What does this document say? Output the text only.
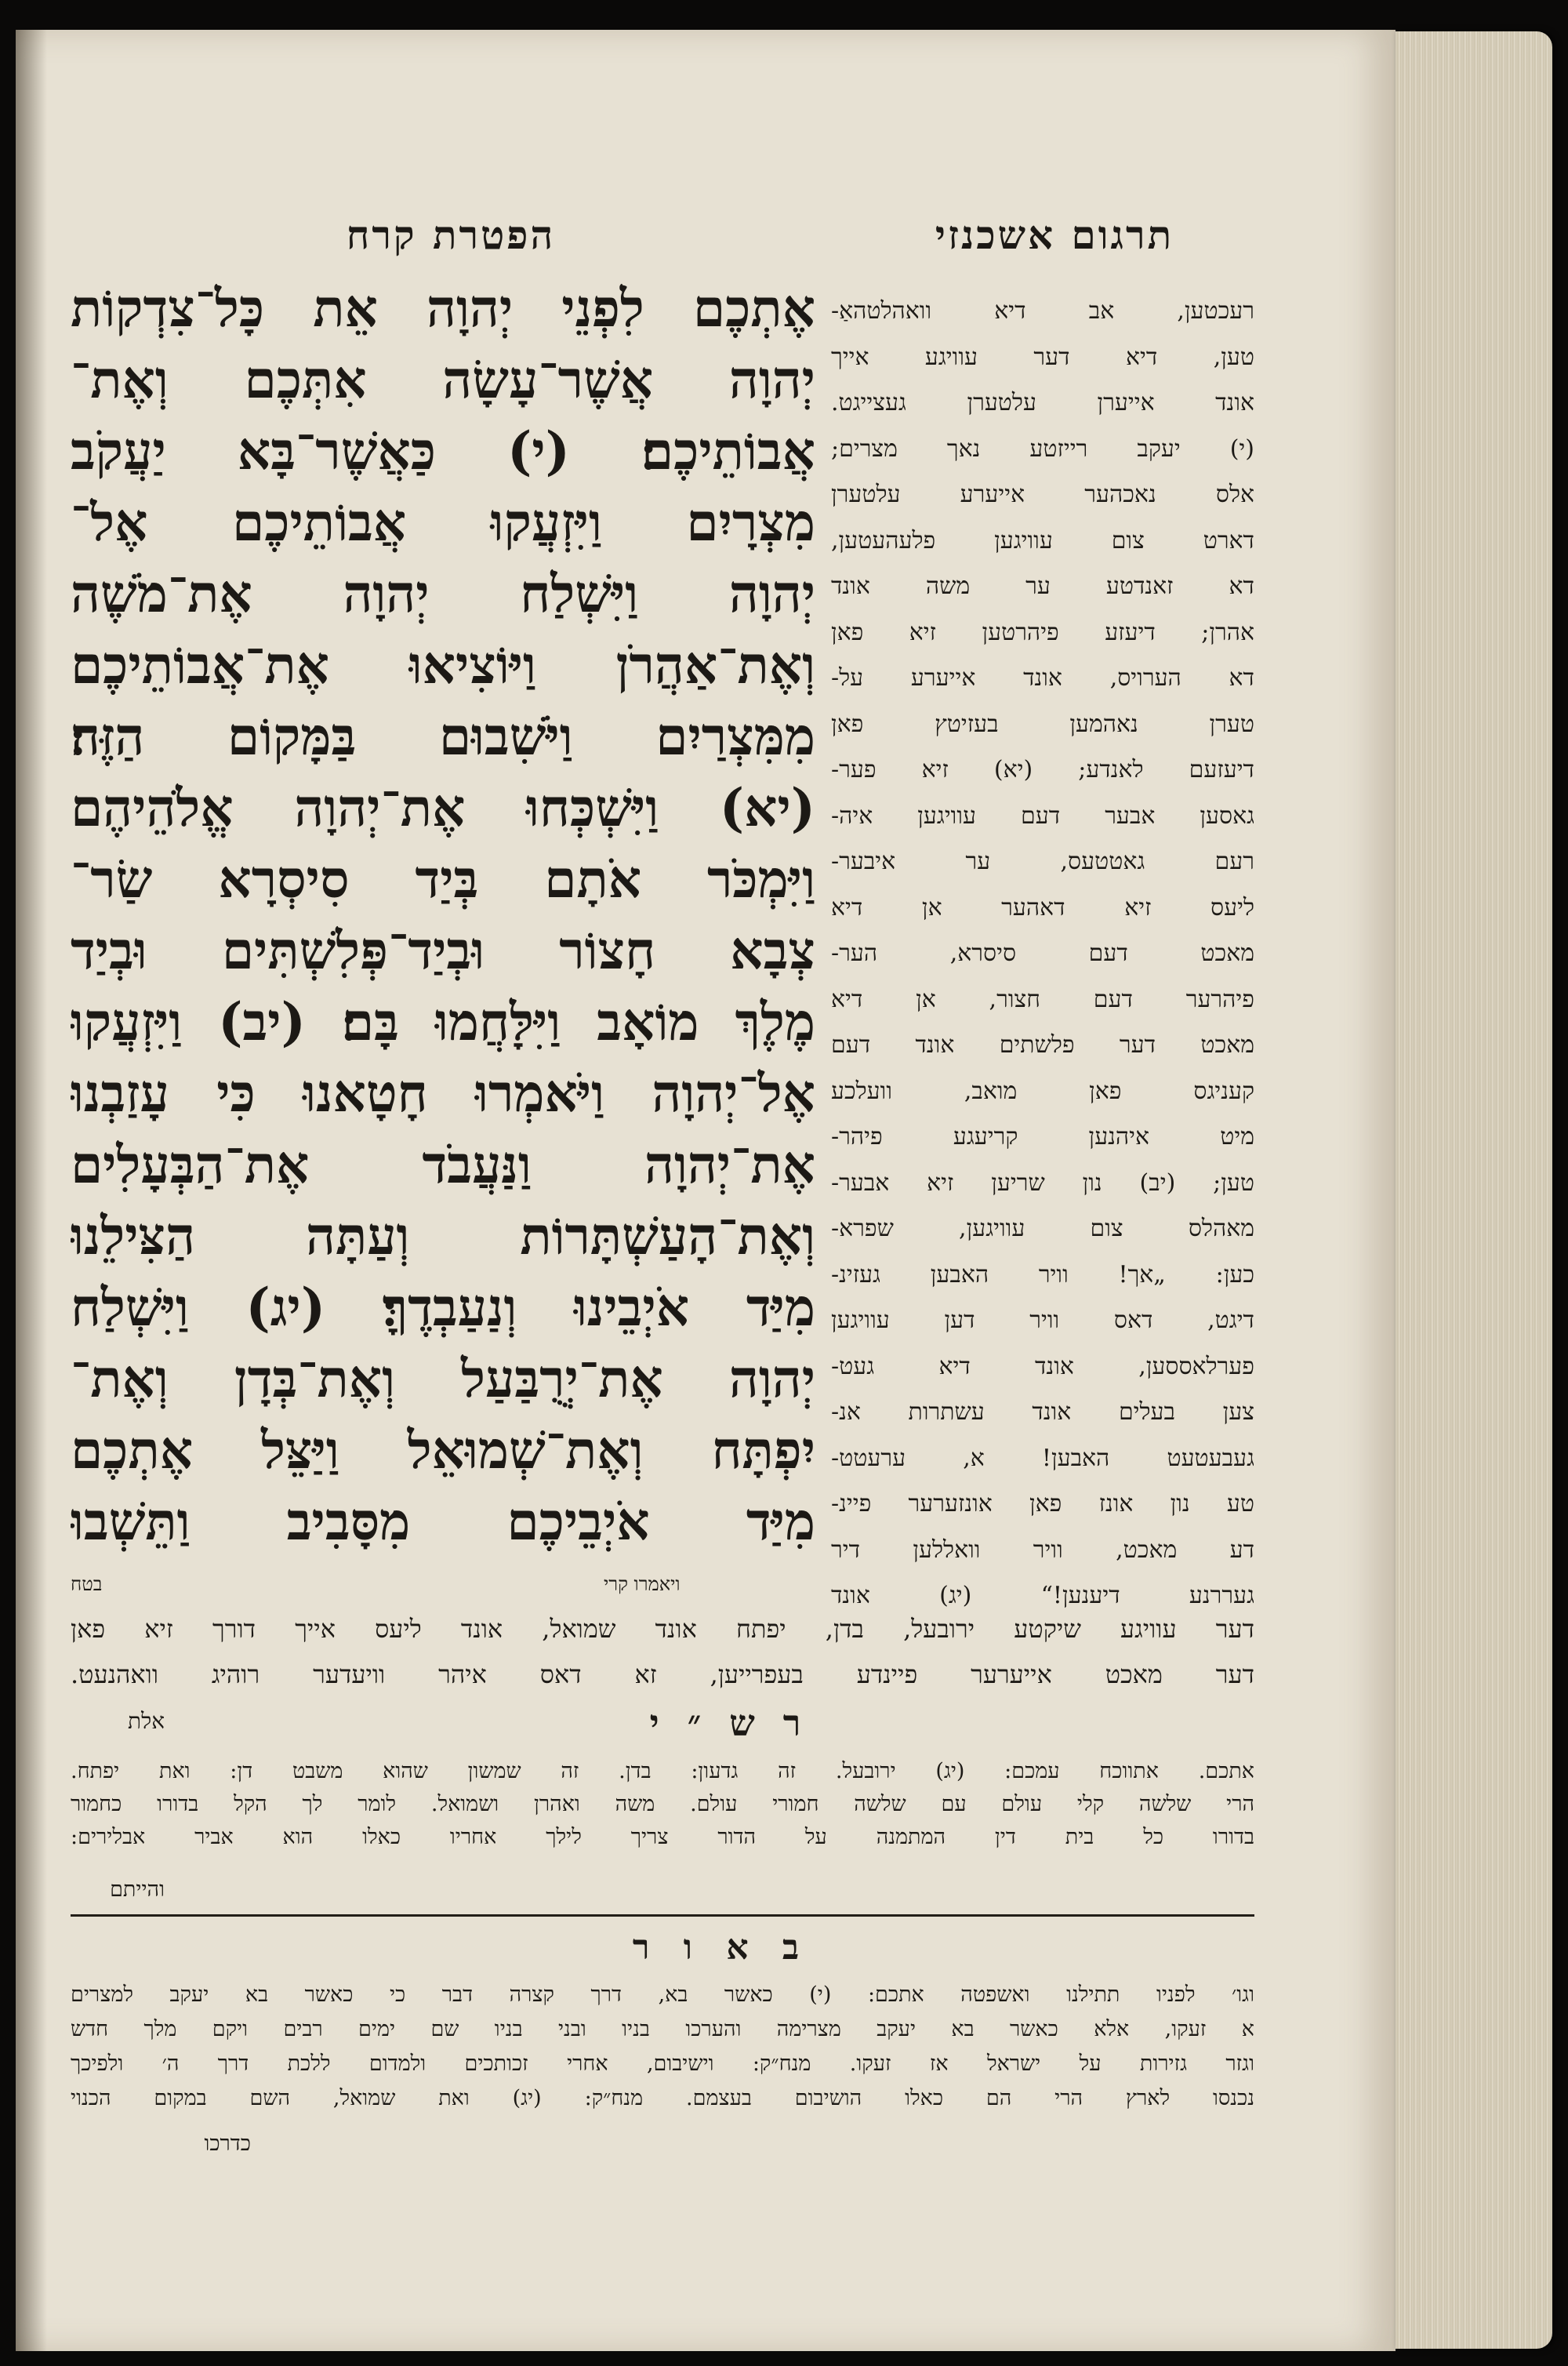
הפטרת קרח	תרגום אשכנזי
אֶתְכֶם לִפְנֵי יְהוָה אֵת כָּל־צִדְקוֹת
יְהוָה אֲשֶׁר־עָשָׂה אִתְּכֶם וְאֶת־
אֲבוֹתֵיכֶם׃ (י) כַּאֲשֶׁר־בָּא יַעֲקֹב
מִצְרָיִם וַיִּזְעֲקוּ אֲבוֹתֵיכֶם אֶל־
יְהוָה וַיִּשְׁלַח יְהוָה אֶת־מֹשֶׁה
וְאֶת־אַהֲרֹן וַיּוֹצִיאוּ אֶת־אֲבוֹתֵיכֶם
מִמִּצְרַיִם וַיֹּשִׁבוּם בַּמָּקוֹם הַזֶּה׃
(יא) וַיִּשְׁכְּחוּ אֶת־יְהוָה אֱלֹהֵיהֶם
וַיִּמְכֹּר אֹתָם בְּיַד סִיסְרָא שַׂר־
צְבָא חָצוֹר וּבְיַד־פְּלִשְׁתִּים וּבְיַד
מֶלֶךְ מוֹאָב וַיִּלָּחֲמוּ בָּם׃ (יב) וַיִּזְעֲקוּ
אֶל־יְהוָה וַיֹּאמְרוּ חָטָאנוּ כִּי עָזַבְנוּ
אֶת־יְהוָה וַנַּעֲבֹד אֶת־הַבְּעָלִים
וְאֶת־הָעַשְׁתָּרוֹת וְעַתָּה הַצִּילֵנוּ
מִיַּד אֹיְבֵינוּ וְנַעַבְדֶךָּ׃ (יג) וַיִּשְׁלַח
יְהוָה אֶת־יְרֻבַּעַל וְאֶת־בְּדָן וְאֶת־
יִפְתָּח וְאֶת־שְׁמוּאֵל וַיַּצֵּל אֶתְכֶם
מִיַּד אֹיְבֵיכֶם מִסָּבִיב וַתֵּשְׁבוּ
רעכטען, אב דיא וואהלטהאַ-
טען, דיא דער עוויגע אייך
אונד אייערן עלטערן געצייגט.
(י) יעקב רייזטע נאך מצרים;
אלס נאכהער אייערע עלטערן
דארט צום עוויגען פלעהעטען,
דא זאנדטע ער משה אונד
אהרן; דיעזע פיהרטען זיא פאן
דא הערויס, אונד אייערע על-
טערן נאהמען בעזיטץ פאן
דיעזעם לאנדע; (יא) זיא פער-
גאסען אבער דעם עוויגען איה-
רעם גאטטעס, ער איבער-
ליעס זיא דאהער אן דיא
מאכט דעם סיסרא, הער-
פיהרער דעם חצור, אן דיא
מאכט דער פלשתים אונד דעם
קעניגס פאן מואב, וועלכע
מיט איהנען קריעגע פיהר-
טען; (יב) נון שריען זיא אבער-
מאהלס צום עוויגען, שפרא-
כען: „אך! וויר האבען געזינ-
דיגט, דאס וויר דען עוויגען
פערלאססען, אונד דיא געט-
צען בעלים אונד עשתרות אנ-
געבעטעט האבען! א, ערעטט-
טע נון אונז פאן אונזערער פיינ-
דע מאכט, וויר וואללען דיר
געררנע דיענען!“ (יג) אונד
בטח	ויאמרו קרי
דער עוויגע שיקטע ירובעל, בדן, יפתח אונד שמואל, אונד ליעס אייך דורך זיא פאן
דער מאכט אייערער פיינדע בעפרייען, זא דאס איהר וויעדער רוהיג וואהנעט.
אלת	ר ש ״ י
אתכם. אתווכח עמכם: (יג) ירובעל. זה גדעון: בדן. זה שמשון שהוא משבט דן: ואת יפתח.
הרי שלשה קלי עולם עם שלשה חמורי עולם. משה ואהרן ושמואל. לומר לך הקל בדורו כחמור
בדורו כל בית דין המתמנה על הדור צריך לילך אחריו כאלו הוא אביר אבלירים:
והייתם
ב א ו ר
וגו׳ לפניו תתילנו ואשפטה אתכם: (י) כאשר בא, דרך קצרה דבר כי כאשר בא יעקב למצרים
א זעקו, אלא כאשר בא יעקב מצרימה והערכו בניו ובני בניו שם ימים רבים ויקם מלך חדש
וגזר גזירות על ישראל אז זעקו. מנח״ק: וישיבום, אחרי זכותכים ולמדום ללכת דרך ה׳ ולפיכך
נכנסו לארץ הרי הם כאלו הושיבום בעצמם. מנח״ק: (יג) ואת שמואל, השם במקום הכנוי
כדרכו
